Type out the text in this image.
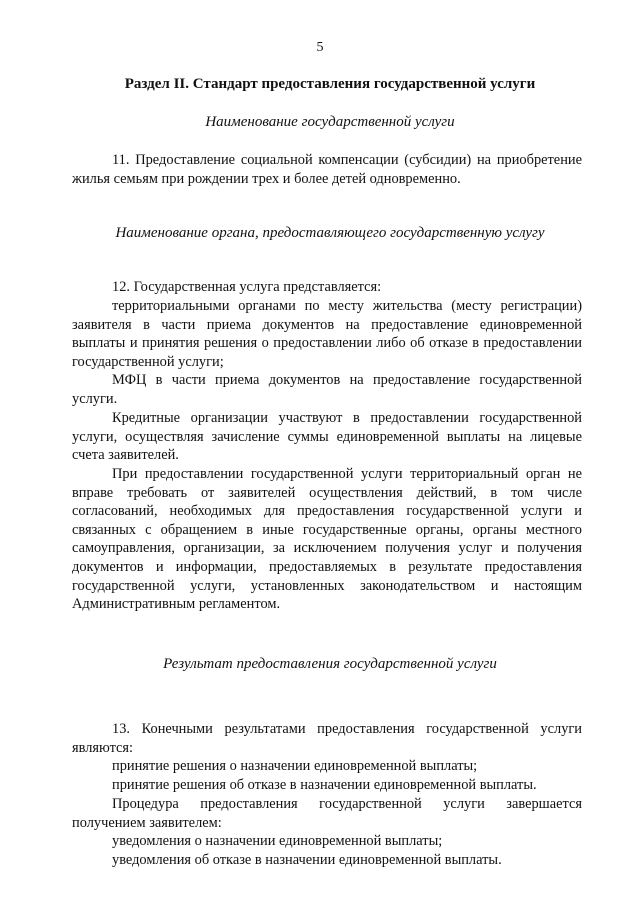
5
Раздел II. Стандарт предоставления государственной услуги
Наименование государственной услуги

11. Предоставление социальной компенсации (субсидии) на приобретение жилья семьям при рождении трех и более детей одновременно.

Наименование органа, предоставляющего государственную услугу

12. Государственная услуга представляется:

территориальными органами по месту жительства (месту регистрации) заявителя в части приема документов на предоставление единовременной выплаты и принятия решения о предоставлении либо об отказе в предоставлении государственной услуги;

МФЦ в части приема документов на предоставление государственной услуги.

Кредитные организации участвуют в предоставлении государственной услуги, осуществляя зачисление суммы единовременной выплаты на лицевые счета заявителей.

При предоставлении государственной услуги территориальный орган не вправе требовать от заявителей осуществления действий, в том числе согласований, необходимых для предоставления государственной услуги и связанных с обращением в иные государственные органы, органы местного самоуправления, организации, за исключением получения услуг и получения документов и информации, предоставляемых в результате предоставления государственной услуги, установленных законодательством и настоящим Административным регламентом.

Результат предоставления государственной услуги

13. Конечными результатами предоставления государственной услуги являются:

принятие решения о назначении единовременной выплаты;

принятие решения об отказе в назначении единовременной выплаты.

Процедура предоставления государственной услуги завершается получением заявителем:

уведомления о назначении единовременной выплаты;

уведомления об отказе в назначении единовременной выплаты.
